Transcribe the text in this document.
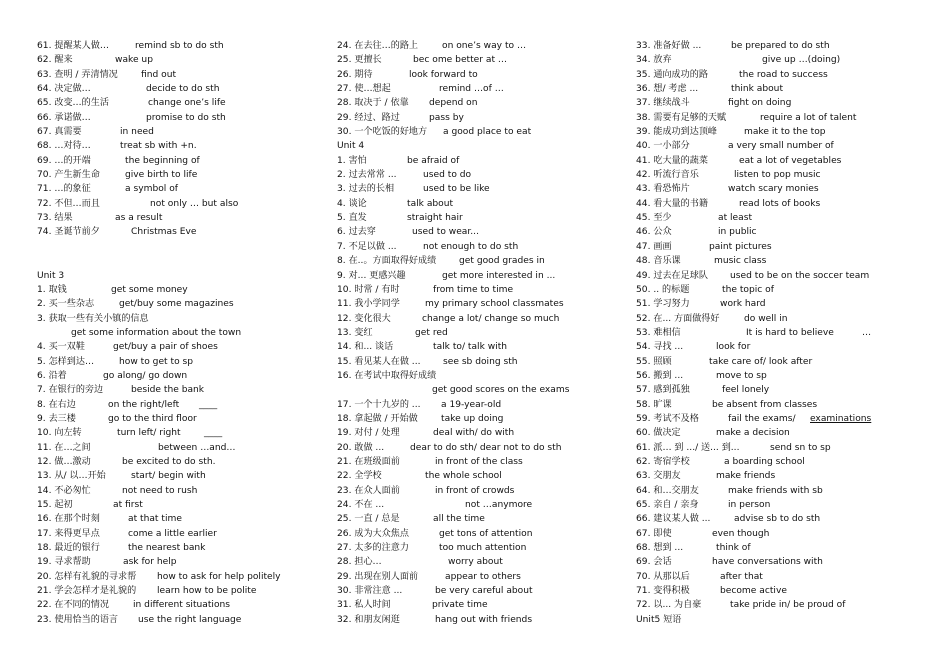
61. 提醒某人做…	remind sb to do sth
62. 醒来	wake up
63. 查明 / 弄清情况	find out
64. 决定做…	decide to do sth
65. 改变…的生活	change one’s life
66. 承诺做…	promise to do sth
67. 真需要	in need
68. …对待…	treat sb with +n.
69. …的开端	the beginning of
70. 产生新生命	give birth to life
71. …的象征	a symbol of
72. 不但…而且	not only … but also
73. 结果	as a result
74. 圣诞节前夕	Christmas Eve
Unit 3
1. 取钱	get some money
2. 买一些杂志	get/buy some magazines
3. 获取一些有关小镇的信息
get some information about the town
4. 买一双鞋	get/buy a pair of shoes
5. 怎样到达…	how to get to sp
6. 沿着	go along/ go down
7. 在银行的旁边	beside the bank
8. 在右边	on the right/left ____
9. 去三楼	go to the third floor
10. 向左转	turn left/ right	____
11. 在…之间	between …and…
12. 做…激动	be excited to do sth.
13. 从/ 以…开始	start/ begin with
14. 不必匆忙	not need to rush
15. 起初	at first
16. 在那个时刻	at that time
17. 来得更早点	come a little earlier
18. 最近的银行	the nearest bank
19. 寻求帮助	ask for help
20. 怎样有礼貌的寻求帮 how to ask for help politely
21. 学会怎样才是礼貌的 learn how to be polite
22. 在不同的情况	in different situations
23. 使用恰当的语言 use the right language
24. 在去往…的路上	on one’s way to …
25. 更擅长	bec ome better at …
26. 期待	look forward to
27. 使…想起	remind …of …
28. 取决于 / 依靠 depend on
29. 经过、路过	pass by
30. 一个吃饭的好地方 a good place to eat
Unit 4
1. 害怕	be afraid of
2. 过去常常 ...	used to do
3. 过去的长相	used to be like
4. 谈论	talk about
5. 直发	straight hair
6. 过去穿	used to wear...
7. 不足以做 ...	not enough to do sth
8. 在..。方面取得好成绩	get good grades in
9. 对... 更感兴趣	get more interested in ...
10. 时常 / 有时	from time to time
11. 我小学同学	my primary school classmates
12. 变化很大	change a lot/ change so much
13. 变红	get red
14. 和... 谈话	talk to/ talk with
15. 看见某人在做 ... see sb doing sth
16. 在考试中取得好成绩
get good scores on the exams
17. 一个十九岁的 ... a 19-year-old
18. 拿起做 / 开始做	take up doing
19. 对付 / 处理	deal with/ do with
20. 敢做 ...	dear to do sth/ dear not to do sth
21. 在班级面前	in front of the class
22. 全学校	the whole school
23. 在众人面前	in front of crowds
24. 不在 ...	not …anymore
25. 一直 / 总是	all the time
26. 成为大众焦点	get tons of attention
27. 太多的注意力	too much attention
28. 担心…	worry about
29. 出现在别人面前	appear to others
30. 非常注意 ...	be very careful about
31. 私人时间	private time
32. 和朋友闲逛	hang out with friends
33. 准备好做 ...	be prepared to do sth
34. 放弃	give up …(doing)
35. 通向成功的路	the road to success
36. 想/ 考虑 ...	think about
37. 继续战斗	fight on doing
38. 需要有足够的天赋	require a lot of talent
39. 能成功到达顶峰	make it to the top
40. 一小部分	a very small number of
41. 吃大量的蔬菜	eat a lot of vegetables
42. 听流行音乐	listen to pop music
43. 看恐怖片	watch scary monies
44. 看大量的书籍	read lots of books
45. 至少	at least
46. 公众	in public
47. 画画	paint pictures
48. 音乐课	music class
49. 过去在足球队 used to be on the soccer team
50. .. 的标题	the topic of
51. 学习努力	work hard
52. 在... 方面做得好	do well in
53. 难相信	It is hard to believe	…
54. 寻找 ...	look for
55. 照顾	take care of/ look after
56. 搬到 ...	move to sp
57. 感到孤独	feel lonely
58. 旷课	be absent from classes
59. 考试不及格	fail the exams/ examinations
60. 做决定	make a decision
61. 派… 到 .../ 送... 到...	send sn to sp
62. 寄宿学校	a boarding school
63. 交朋友	make friends
64. 和…交朋友	make friends with sb
65. 亲自 / 亲身	in person
66. 建议某人做 ...	advise sb to do sth
67. 即使	even though
68. 想到 ...	think of
69. 会话	have conversations with
70. 从那以后	after that
71. 变得积极	become active
72. 以... 为自豪	take pride in/ be proud of
Unit5 短语
